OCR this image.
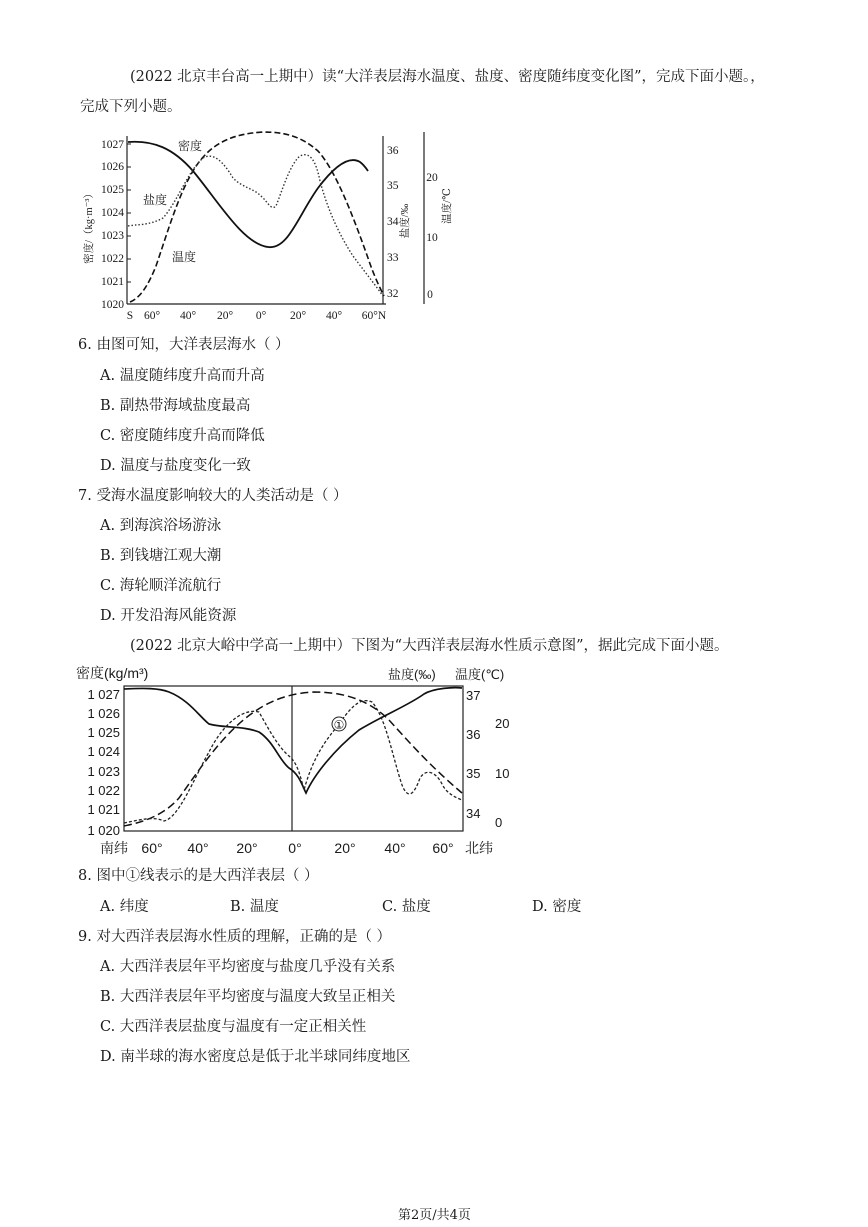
(2022 北京丰台高一上期中）读“大洋表层海水温度、盐度、密度随纬度变化图”，完成下面小题。，
完成下列小题。
1027
1026
1025
1024
1023
1022
1021
1020
密度/（kg·m⁻³）
36
35
34
33
32
盐度/‰
20
10
0
温度/℃
S 60° 40° 20° 0° 20° 40° 60°N
密度
盐度
温度
6. 由图可知，大洋表层海水（ ）
A. 温度随纬度升高而升高
B. 副热带海域盐度最高
C. 密度随纬度升高而降低
D. 温度与盐度变化一致
7. 受海水温度影响较大的人类活动是（ ）
A. 到海滨浴场游泳
B. 到钱塘江观大潮
C. 海轮顺洋流航行
D. 开发沿海风能资源
(2022 北京大峪中学高一上期中）下图为“大西洋表层海水性质示意图”，据此完成下面小题。
密度(kg/m³)	盐度(‰) 温度(℃)
1 027
1 026
1 025
1 024
1 023
1 022
1 021
1 020
37
36
35
34
20
10
0
南纬 60° 40° 20° 0° 20° 40° 60° 北纬
①
8. 图中①线表示的是大西洋表层（ ）
A. 纬度	B. 温度	C. 盐度	D. 密度
9. 对大西洋表层海水性质的理解，正确的是（ ）
A. 大西洋表层年平均密度与盐度几乎没有关系
B. 大西洋表层年平均密度与温度大致呈正相关
C. 大西洋表层盐度与温度有一定正相关性
D. 南半球的海水密度总是低于北半球同纬度地区
第2页/共4页
